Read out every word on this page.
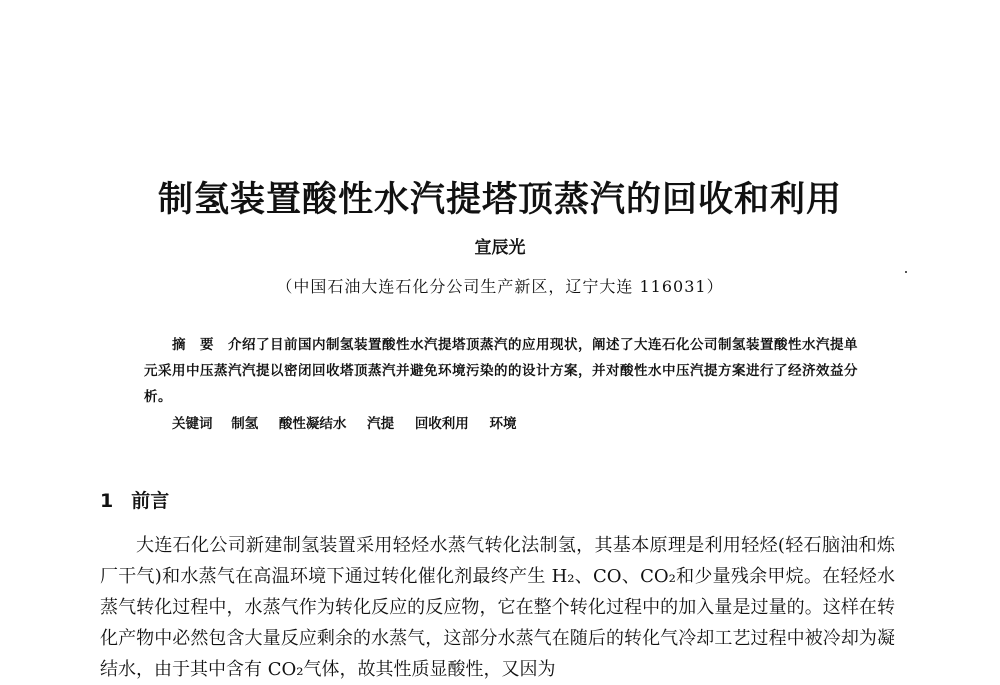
制氢装置酸性水汽提塔顶蒸汽的回收和利用
宣辰光
（中国石油大连石化分公司生产新区，辽宁大连 116031）
摘　要 介绍了目前国内制氢装置酸性水汽提塔顶蒸汽的应用现状，阐述了大连石化公司制氢装置酸性水汽提单元采用中压蒸汽汽提以密闭回收塔顶蒸汽并避免环境污染的的设计方案，并对酸性水中压汽提方案进行了经济效益分析。
关键词 制氢 酸性凝结水 汽提 回收利用 环境
1 前言

大连石化公司新建制氢装置采用轻烃水蒸气转化法制氢，其基本原理是利用轻烃(轻石脑油和炼厂干气)和水蒸气在高温环境下通过转化催化剂最终产生 H₂、CO、CO₂和少量残余甲烷。在轻烃水蒸气转化过程中，水蒸气作为转化反应的反应物，它在整个转化过程中的加入量是过量的。这样在转化产物中必然包含大量反应剩余的水蒸气，这部分水蒸气在随后的转化气冷却工艺过程中被冷却为凝结水，由于其中含有 CO₂气体，故其性质显酸性，又因为
